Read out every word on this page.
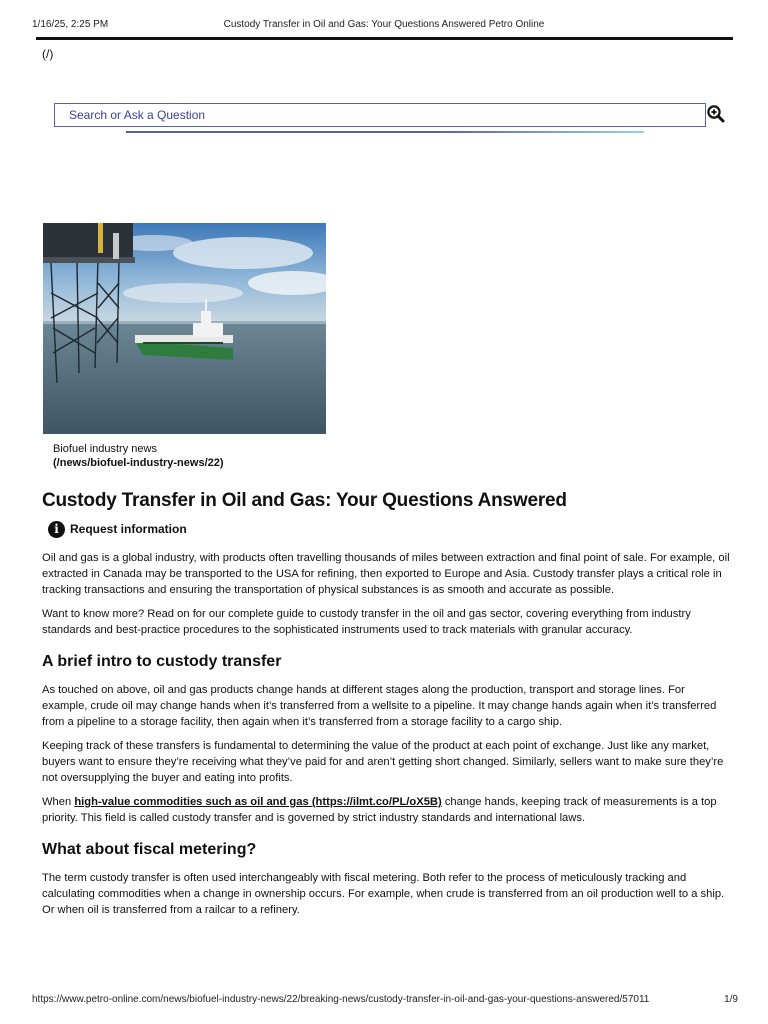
1/16/25, 2:25 PM	Custody Transfer in Oil and Gas: Your Questions Answered Petro Online
(/)
Search or Ask a Question
Biofuel industry news
(/news/biofuel-industry-news/22)
Custody Transfer in Oil and Gas: Your Questions Answered
i Request information

Oil and gas is a global industry, with products often travelling thousands of miles between extraction and final point of sale. For example, oil extracted in Canada may be transported to the USA for refining, then exported to Europe and Asia. Custody transfer plays a critical role in tracking transactions and ensuring the transportation of physical substances is as smooth and accurate as possible.

Want to know more? Read on for our complete guide to custody transfer in the oil and gas sector, covering everything from industry standards and best-practice procedures to the sophisticated instruments used to track materials with granular accuracy.

A brief intro to custody transfer

As touched on above, oil and gas products change hands at different stages along the production, transport and storage lines. For example, crude oil may change hands when it’s transferred from a wellsite to a pipeline. It may change hands again when it’s transferred from a pipeline to a storage facility, then again when it’s transferred from a storage facility to a cargo ship.

Keeping track of these transfers is fundamental to determining the value of the product at each point of exchange. Just like any market, buyers want to ensure they’re receiving what they’ve paid for and aren’t getting short changed. Similarly, sellers want to make sure they’re not oversupplying the buyer and eating into profits.

When high-value commodities such as oil and gas (https://ilmt.co/PL/oX5B) change hands, keeping track of measurements is a top priority. This field is called custody transfer and is governed by strict industry standards and international laws.

What about fiscal metering?

The term custody transfer is often used interchangeably with fiscal metering. Both refer to the process of meticulously tracking and calculating commodities when a change in ownership occurs. For example, when crude is transferred from an oil production well to a ship. Or when oil is transferred from a railcar to a refinery.

https://www.petro-online.com/news/biofuel-industry-news/22/breaking-news/custody-transfer-in-oil-and-gas-your-questions-answered/57011	1/9
